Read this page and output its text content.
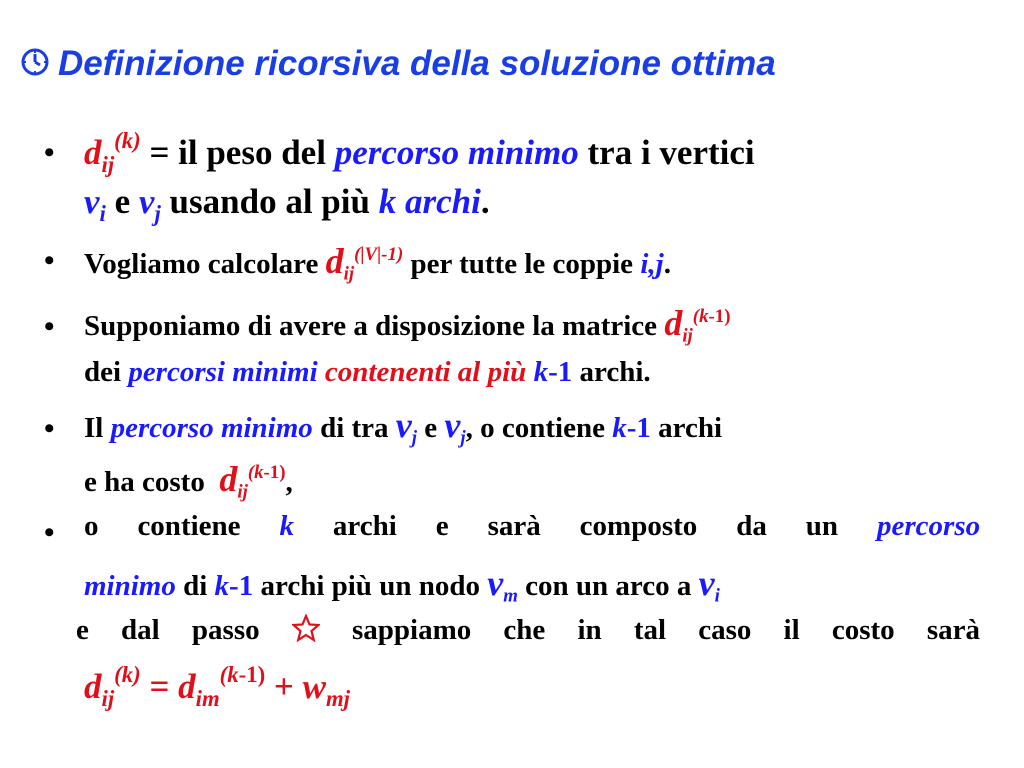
Definizione ricorsiva della soluzione ottima
• $d_{ij}^{(k)}$ = il peso del percorso minimo tra i vertici
$v_i$ e $v_j$ usando al più k archi.
• Vogliamo calcolare $d_{ij}^{(|V|-1)}$ per tutte le coppie i,j.
• Supponiamo di avere a disposizione la matrice $d_{ij}^{(k-1)}$
dei percorsi minimi contenenti al più k-1 archi.
• Il percorso minimo di tra $v_j$ e $v_j$, o contiene k-1 archi
e ha costo  $d_{ij}^{(k-1)}$,
• o contiene k archi e sarà composto da un percorso
minimo di k-1 archi più un nodo $v_m$ con un arco a $v_i$
e dal passo  sappiamo che in tal caso il costo sarà
$d_{ij}^{(k)} = d_{im}^{(k-1)} + w_{mj}$
